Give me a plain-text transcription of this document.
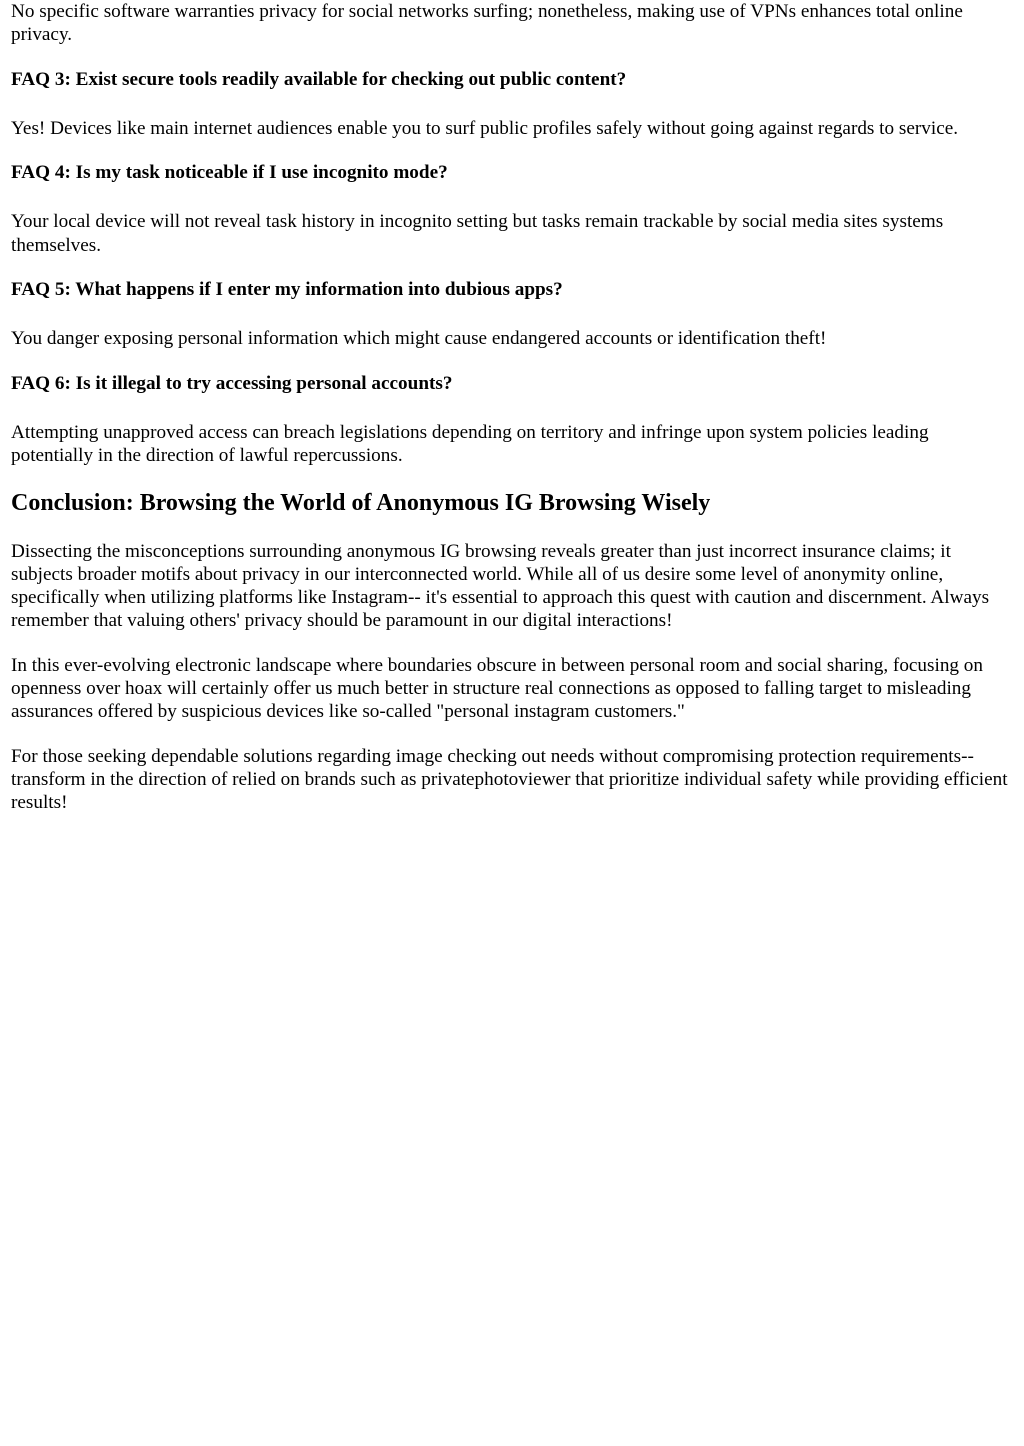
No specific software warranties privacy for social networks surfing; nonetheless, making use of VPNs enhances total online privacy.

FAQ 3: Exist secure tools readily available for checking out public content?

Yes! Devices like main internet audiences enable you to surf public profiles safely without going against regards to service.

FAQ 4: Is my task noticeable if I use incognito mode?

Your local device will not reveal task history in incognito setting but tasks remain trackable by social media sites systems themselves.

FAQ 5: What happens if I enter my information into dubious apps?

You danger exposing personal information which might cause endangered accounts or identification theft!

FAQ 6: Is it illegal to try accessing personal accounts?

Attempting unapproved access can breach legislations depending on territory and infringe upon system policies leading potentially in the direction of lawful repercussions.

Conclusion: Browsing the World of Anonymous IG Browsing Wisely

Dissecting the misconceptions surrounding anonymous IG browsing reveals greater than just incorrect insurance claims; it subjects broader motifs about privacy in our interconnected world. While all of us desire some level of anonymity online, specifically when utilizing platforms like Instagram-- it's essential to approach this quest with caution and discernment. Always remember that valuing others' privacy should be paramount in our digital interactions!

In this ever-evolving electronic landscape where boundaries obscure in between personal room and social sharing, focusing on openness over hoax will certainly offer us much better in structure real connections as opposed to falling target to misleading assurances offered by suspicious devices like so-called "personal instagram customers."

For those seeking dependable solutions regarding image checking out needs without compromising protection requirements-- transform in the direction of relied on brands such as privatephotoviewer that prioritize individual safety while providing efficient results!
